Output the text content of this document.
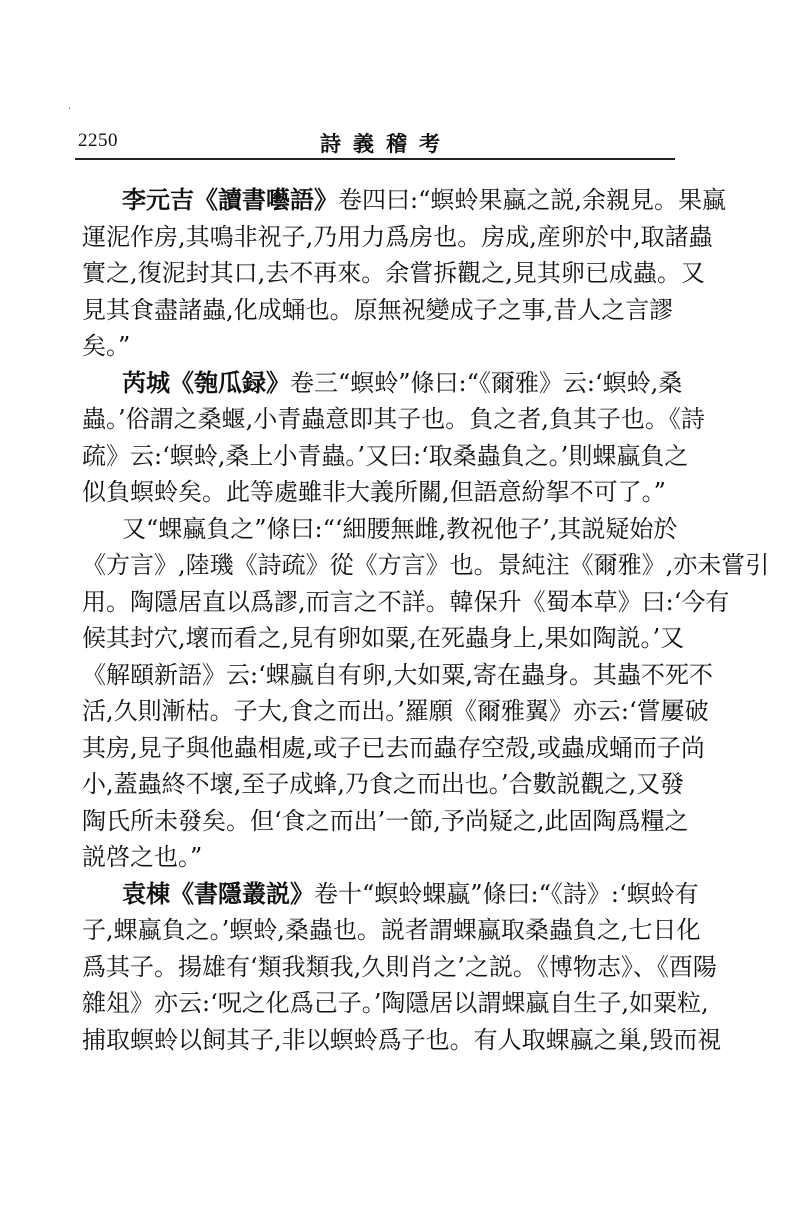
·
2250	詩義稽考
李元吉《讀書囈語》卷四曰:“螟蛉果蠃之説,余親見。果蠃
運泥作房,其鳴非祝子,乃用力爲房也。房成,産卵於中,取諸蟲
實之,復泥封其口,去不再來。余嘗拆觀之,見其卵已成蟲。又
見其食盡諸蟲,化成蛹也。原無祝變成子之事,昔人之言謬
矣。”
芮城《匏瓜録》卷三“螟蛉”條曰:“《爾雅》云:‘螟蛉,桑
蟲。’俗謂之桑蝘,小青蟲意即其子也。負之者,負其子也。《詩
疏》云:‘螟蛉,桑上小青蟲。’又曰:‘取桑蟲負之。’則蜾蠃負之
似負螟蛉矣。此等處雖非大義所關,但語意紛挐不可了。”
又“蜾蠃負之”條曰:“‘細腰無雌,教祝他子’,其説疑始於
《方言》,陸璣《詩疏》從《方言》也。景純注《爾雅》,亦未嘗引
用。陶隱居直以爲謬,而言之不詳。韓保升《蜀本草》曰:‘今有
候其封穴,壞而看之,見有卵如粟,在死蟲身上,果如陶説。’又
《解頤新語》云:‘蜾蠃自有卵,大如粟,寄在蟲身。其蟲不死不
活,久則漸枯。子大,食之而出。’羅願《爾雅翼》亦云:‘嘗屢破
其房,見子與他蟲相處,或子已去而蟲存空殻,或蟲成蛹而子尚
小,蓋蟲終不壞,至子成蜂,乃食之而出也。’合數説觀之,又發
陶氏所未發矣。但‘食之而出’一節,予尚疑之,此固陶爲糧之
説啓之也。”
袁棟《書隱叢説》卷十“螟蛉蜾蠃”條曰:“《詩》:‘螟蛉有
子,蜾蠃負之。’螟蛉,桑蟲也。説者謂蜾蠃取桑蟲負之,七日化
爲其子。揚雄有‘類我類我,久則肖之’之説。《博物志》、《酉陽
雜俎》亦云:‘呪之化爲己子。’陶隱居以謂蜾蠃自生子,如粟粒,
捕取螟蛉以飼其子,非以螟蛉爲子也。有人取蜾蠃之巢,毁而視
